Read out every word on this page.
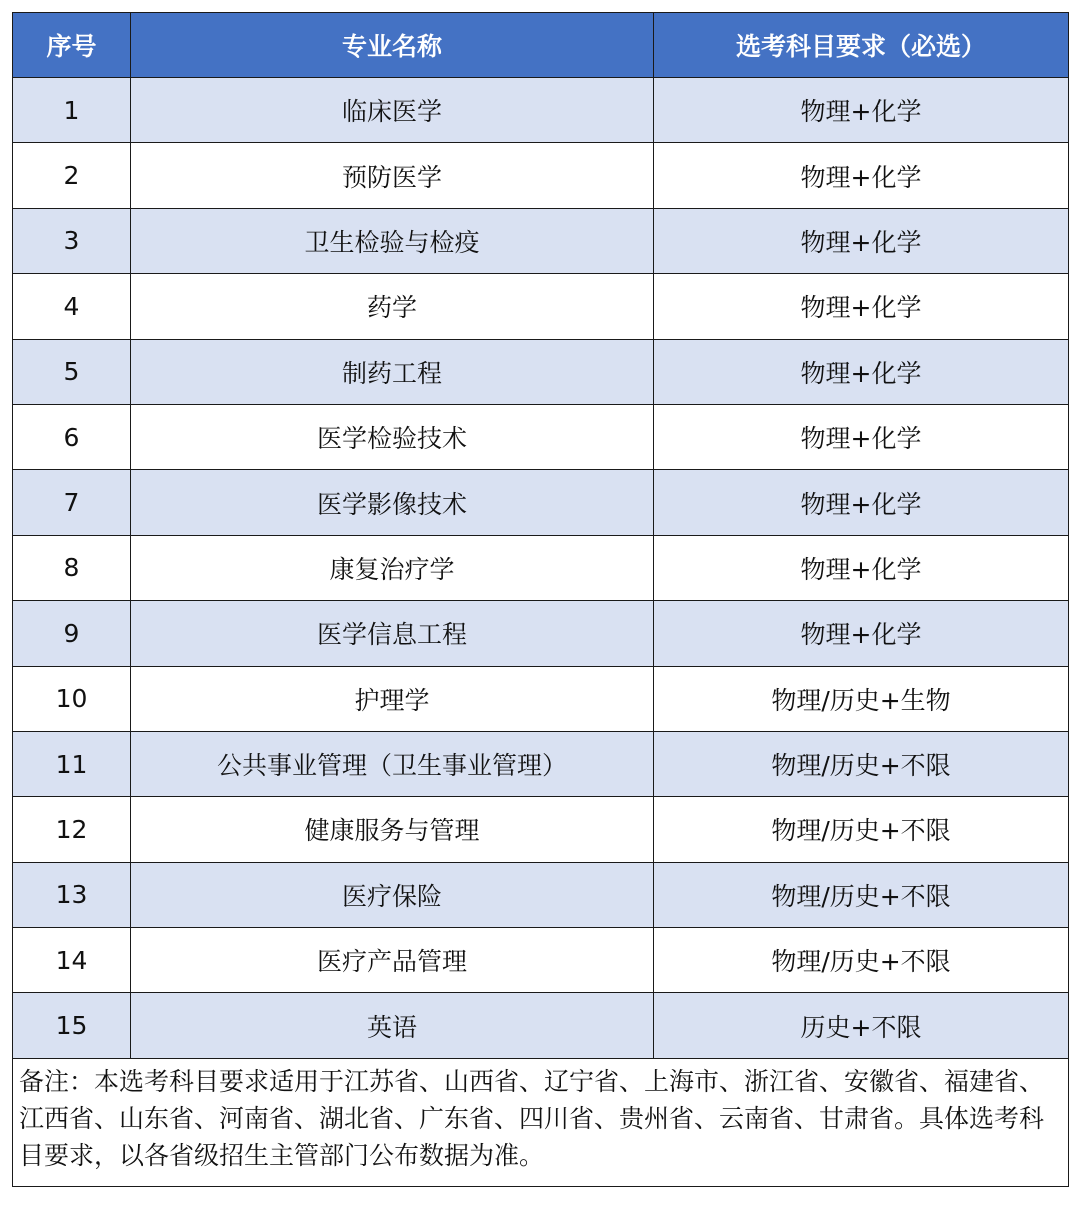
序号	专业名称	选考科目要求（必选）
1	临床医学	物理+化学
2	预防医学	物理+化学
3	卫生检验与检疫	物理+化学
4	药学	物理+化学
5	制药工程	物理+化学
6	医学检验技术	物理+化学
7	医学影像技术	物理+化学
8	康复治疗学	物理+化学
9	医学信息工程	物理+化学
10	护理学	物理/历史+生物
11	公共事业管理（卫生事业管理）	物理/历史+不限
12	健康服务与管理	物理/历史+不限
13	医疗保险	物理/历史+不限
14	医疗产品管理	物理/历史+不限
15	英语	历史+不限
备注：本选考科目要求适用于江苏省、山西省、辽宁省、上海市、浙江省、安徽省、福建省、江西省、山东省、河南省、湖北省、广东省、四川省、贵州省、云南省、甘肃省。具体选考科目要求，以各省级招生主管部门公布数据为准。		
